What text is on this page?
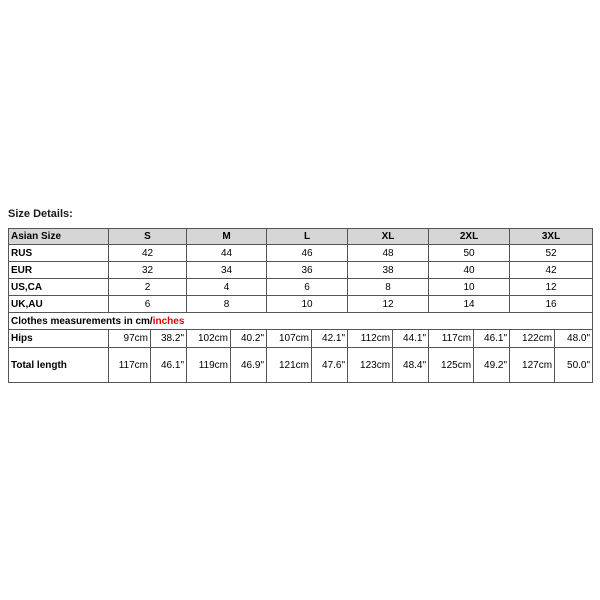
Size Details:
Asian Size	S		M		L		XL		2XL		3XL	
RUS	42		44		46		48		50		52	
EUR	32		34		36		38		40		42	
US,CA	2		4		6		8		10		12	
UK,AU	6		8		10		12		14		16	
Clothes measurements in cm/inches												
Hips	97cm	38.2"	102cm	40.2"	107cm	42.1"	112cm	44.1"	117cm	46.1"	122cm	48.0"
Total length	117cm	46.1"	119cm	46.9"	121cm	47.6"	123cm	48.4"	125cm	49.2"	127cm	50.0"
